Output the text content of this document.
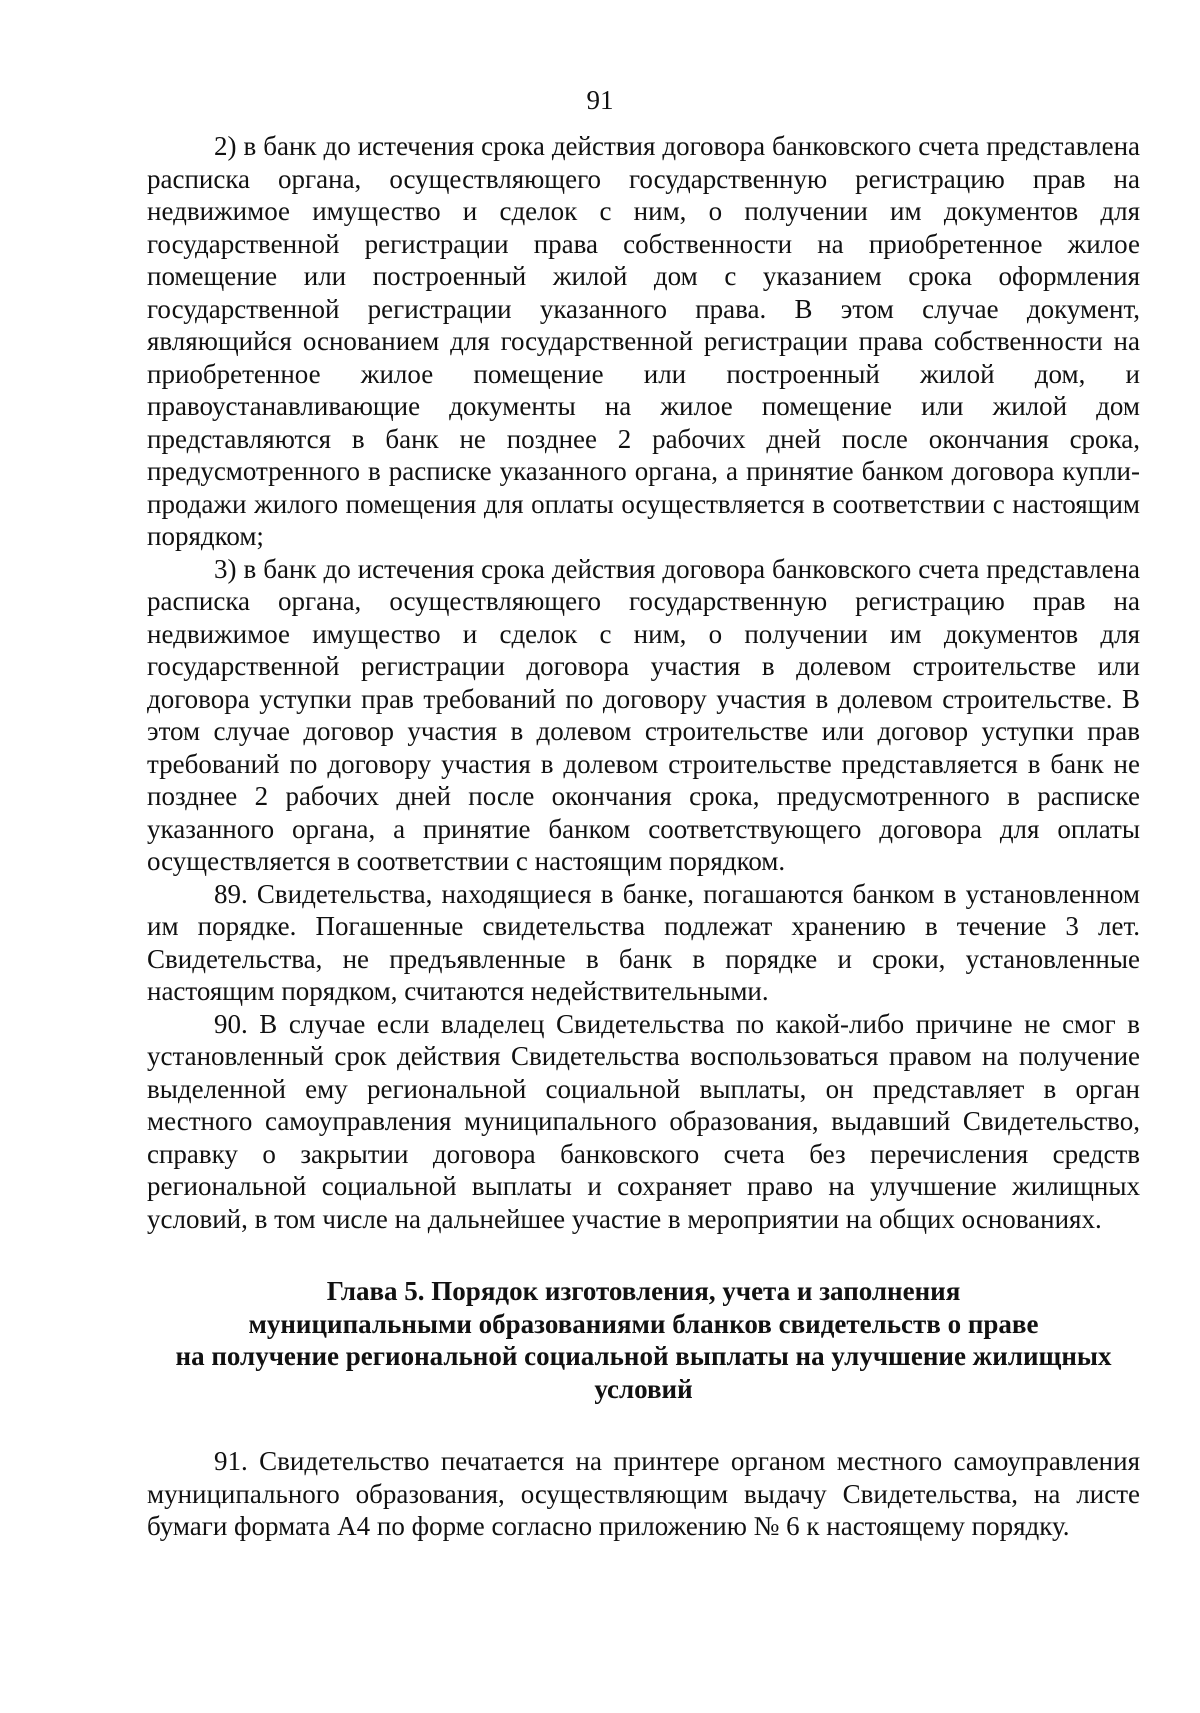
91

2) в банк до истечения срока действия договора банковского счета представлена расписка органа, осуществляющего государственную регистрацию прав на недвижимое имущество и сделок с ним, о получении им документов для государственной регистрации права собственности на приобретенное жилое помещение или построенный жилой дом с указанием срока оформления государственной регистрации указанного права. В этом случае документ, являющийся основанием для государственной регистрации права собственности на приобретенное жилое помещение или построенный жилой дом, и правоустанавливающие документы на жилое помещение или жилой дом представляются в банк не позднее 2 рабочих дней после окончания срока, предусмотренного в расписке указанного органа, а принятие банком договора купли-продажи жилого помещения для оплаты осуществляется в соответствии с настоящим порядком;

3) в банк до истечения срока действия договора банковского счета представлена расписка органа, осуществляющего государственную регистрацию прав на недвижимое имущество и сделок с ним, о получении им документов для государственной регистрации договора участия в долевом строительстве или договора уступки прав требований по договору участия в долевом строительстве. В этом случае договор участия в долевом строительстве или договор уступки прав требований по договору участия в долевом строительстве представляется в банк не позднее 2 рабочих дней после окончания срока, предусмотренного в расписке указанного органа, а принятие банком соответствующего договора для оплаты осуществляется в соответствии с настоящим порядком.

89. Свидетельства, находящиеся в банке, погашаются банком в установленном им порядке. Погашенные свидетельства подлежат хранению в течение 3 лет. Свидетельства, не предъявленные в банк в порядке и сроки, установленные настоящим порядком, считаются недействительными.

90. В случае если владелец Свидетельства по какой-либо причине не смог в установленный срок действия Свидетельства воспользоваться правом на получение выделенной ему региональной социальной выплаты, он представляет в орган местного самоуправления муниципального образования, выдавший Свидетельство, справку о закрытии договора банковского счета без перечисления средств региональной социальной выплаты и сохраняет право на улучшение жилищных условий, в том числе на дальнейшее участие в мероприятии на общих основаниях.

Глава 5. Порядок изготовления, учета и заполнения
муниципальными образованиями бланков свидетельств о праве
на получение региональной социальной выплаты на улучшение жилищных
условий

91. Свидетельство печатается на принтере органом местного самоуправления муниципального образования, осуществляющим выдачу Свидетельства, на листе бумаги формата А4 по форме согласно приложению № 6 к настоящему порядку.
